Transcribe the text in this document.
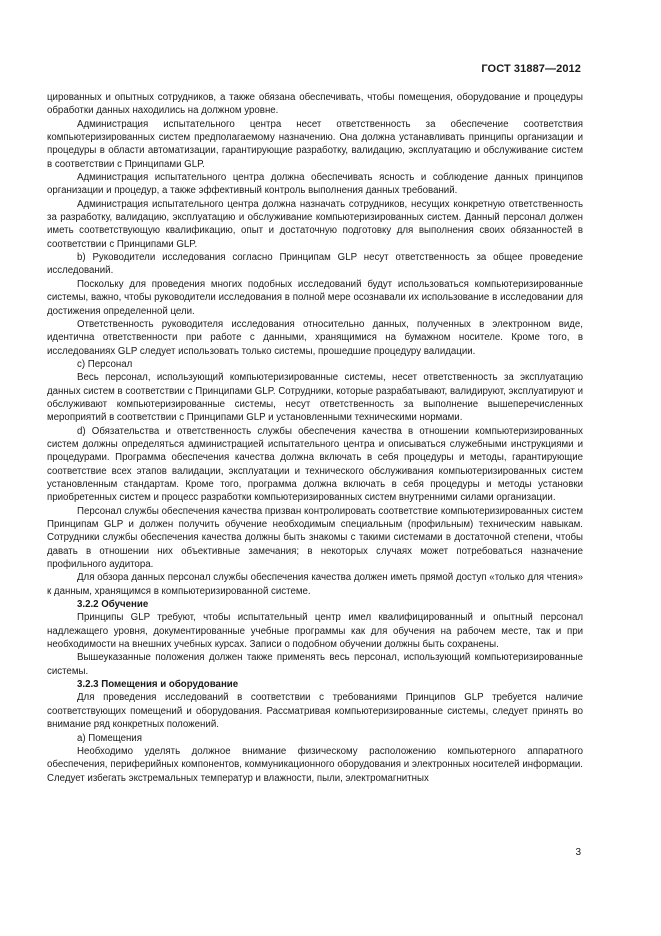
ГОСТ 31887—2012

цированных и опытных сотрудников, а также обязана обеспечивать, чтобы помещения, оборудование и процедуры обработки данных находились на должном уровне.

Администрация испытательного центра несет ответственность за обеспечение соответствия компьютеризированных систем предполагаемому назначению. Она должна устанавливать принципы организации и процедуры в области автоматизации, гарантирующие разработку, валидацию, эксплуатацию и обслуживание систем в соответствии с Принципами GLP.

Администрация испытательного центра должна обеспечивать ясность и соблюдение данных принципов организации и процедур, а также эффективный контроль выполнения данных требований.

Администрация испытательного центра должна назначать сотрудников, несущих конкретную ответственность за разработку, валидацию, эксплуатацию и обслуживание компьютеризированных систем. Данный персонал должен иметь соответствующую квалификацию, опыт и достаточную подготовку для выполнения своих обязанностей в соответствии с Принципами GLP.

b) Руководители исследования согласно Принципам GLP несут ответственность за общее проведение исследований.

Поскольку для проведения многих подобных исследований будут использоваться компьютеризированные системы, важно, чтобы руководители исследования в полной мере осознавали их использование в исследовании для достижения определенной цели.

Ответственность руководителя исследования относительно данных, полученных в электронном виде, идентична ответственности при работе с данными, хранящимися на бумажном носителе. Кроме того, в исследованиях GLP следует использовать только системы, прошедшие процедуру валидации.

c) Персонал

Весь персонал, использующий компьютеризированные системы, несет ответственность за эксплуатацию данных систем в соответствии с Принципами GLP. Сотрудники, которые разрабатывают, валидируют, эксплуатируют и обслуживают компьютеризированные системы, несут ответственность за выполнение вышеперечисленных мероприятий в соответствии с Принципами GLP и установленными техническими нормами.

d) Обязательства и ответственность службы обеспечения качества в отношении компьютеризированных систем должны определяться администрацией испытательного центра и описываться служебными инструкциями и процедурами. Программа обеспечения качества должна включать в себя процедуры и методы, гарантирующие соответствие всех этапов валидации, эксплуатации и технического обслуживания компьютеризированных систем установленным стандартам. Кроме того, программа должна включать в себя процедуры и методы установки приобретенных систем и процесс разработки компьютеризированных систем внутренними силами организации.

Персонал службы обеспечения качества призван контролировать соответствие компьютеризированных систем Принципам GLP и должен получить обучение необходимым специальным (профильным) техническим навыкам. Сотрудники службы обеспечения качества должны быть знакомы с такими системами в достаточной степени, чтобы давать в отношении них объективные замечания; в некоторых случаях может потребоваться назначение профильного аудитора.

Для обзора данных персонал службы обеспечения качества должен иметь прямой доступ «только для чтения» к данным, хранящимся в компьютеризированной системе.

3.2.2 Обучение

Принципы GLP требуют, чтобы испытательный центр имел квалифицированный и опытный персонал надлежащего уровня, документированные учебные программы как для обучения на рабочем месте, так и при необходимости на внешних учебных курсах. Записи о подобном обучении должны быть сохранены.

Вышеуказанные положения должен также применять весь персонал, использующий компьютеризированные системы.

3.2.3 Помещения и оборудование

Для проведения исследований в соответствии с требованиями Принципов GLP требуется наличие соответствующих помещений и оборудования. Рассматривая компьютеризированные системы, следует принять во внимание ряд конкретных положений.

a) Помещения

Необходимо уделять должное внимание физическому расположению компьютерного аппаратного обеспечения, периферийных компонентов, коммуникационного оборудования и электронных носителей информации. Следует избегать экстремальных температур и влажности, пыли, электромагнитных

3
